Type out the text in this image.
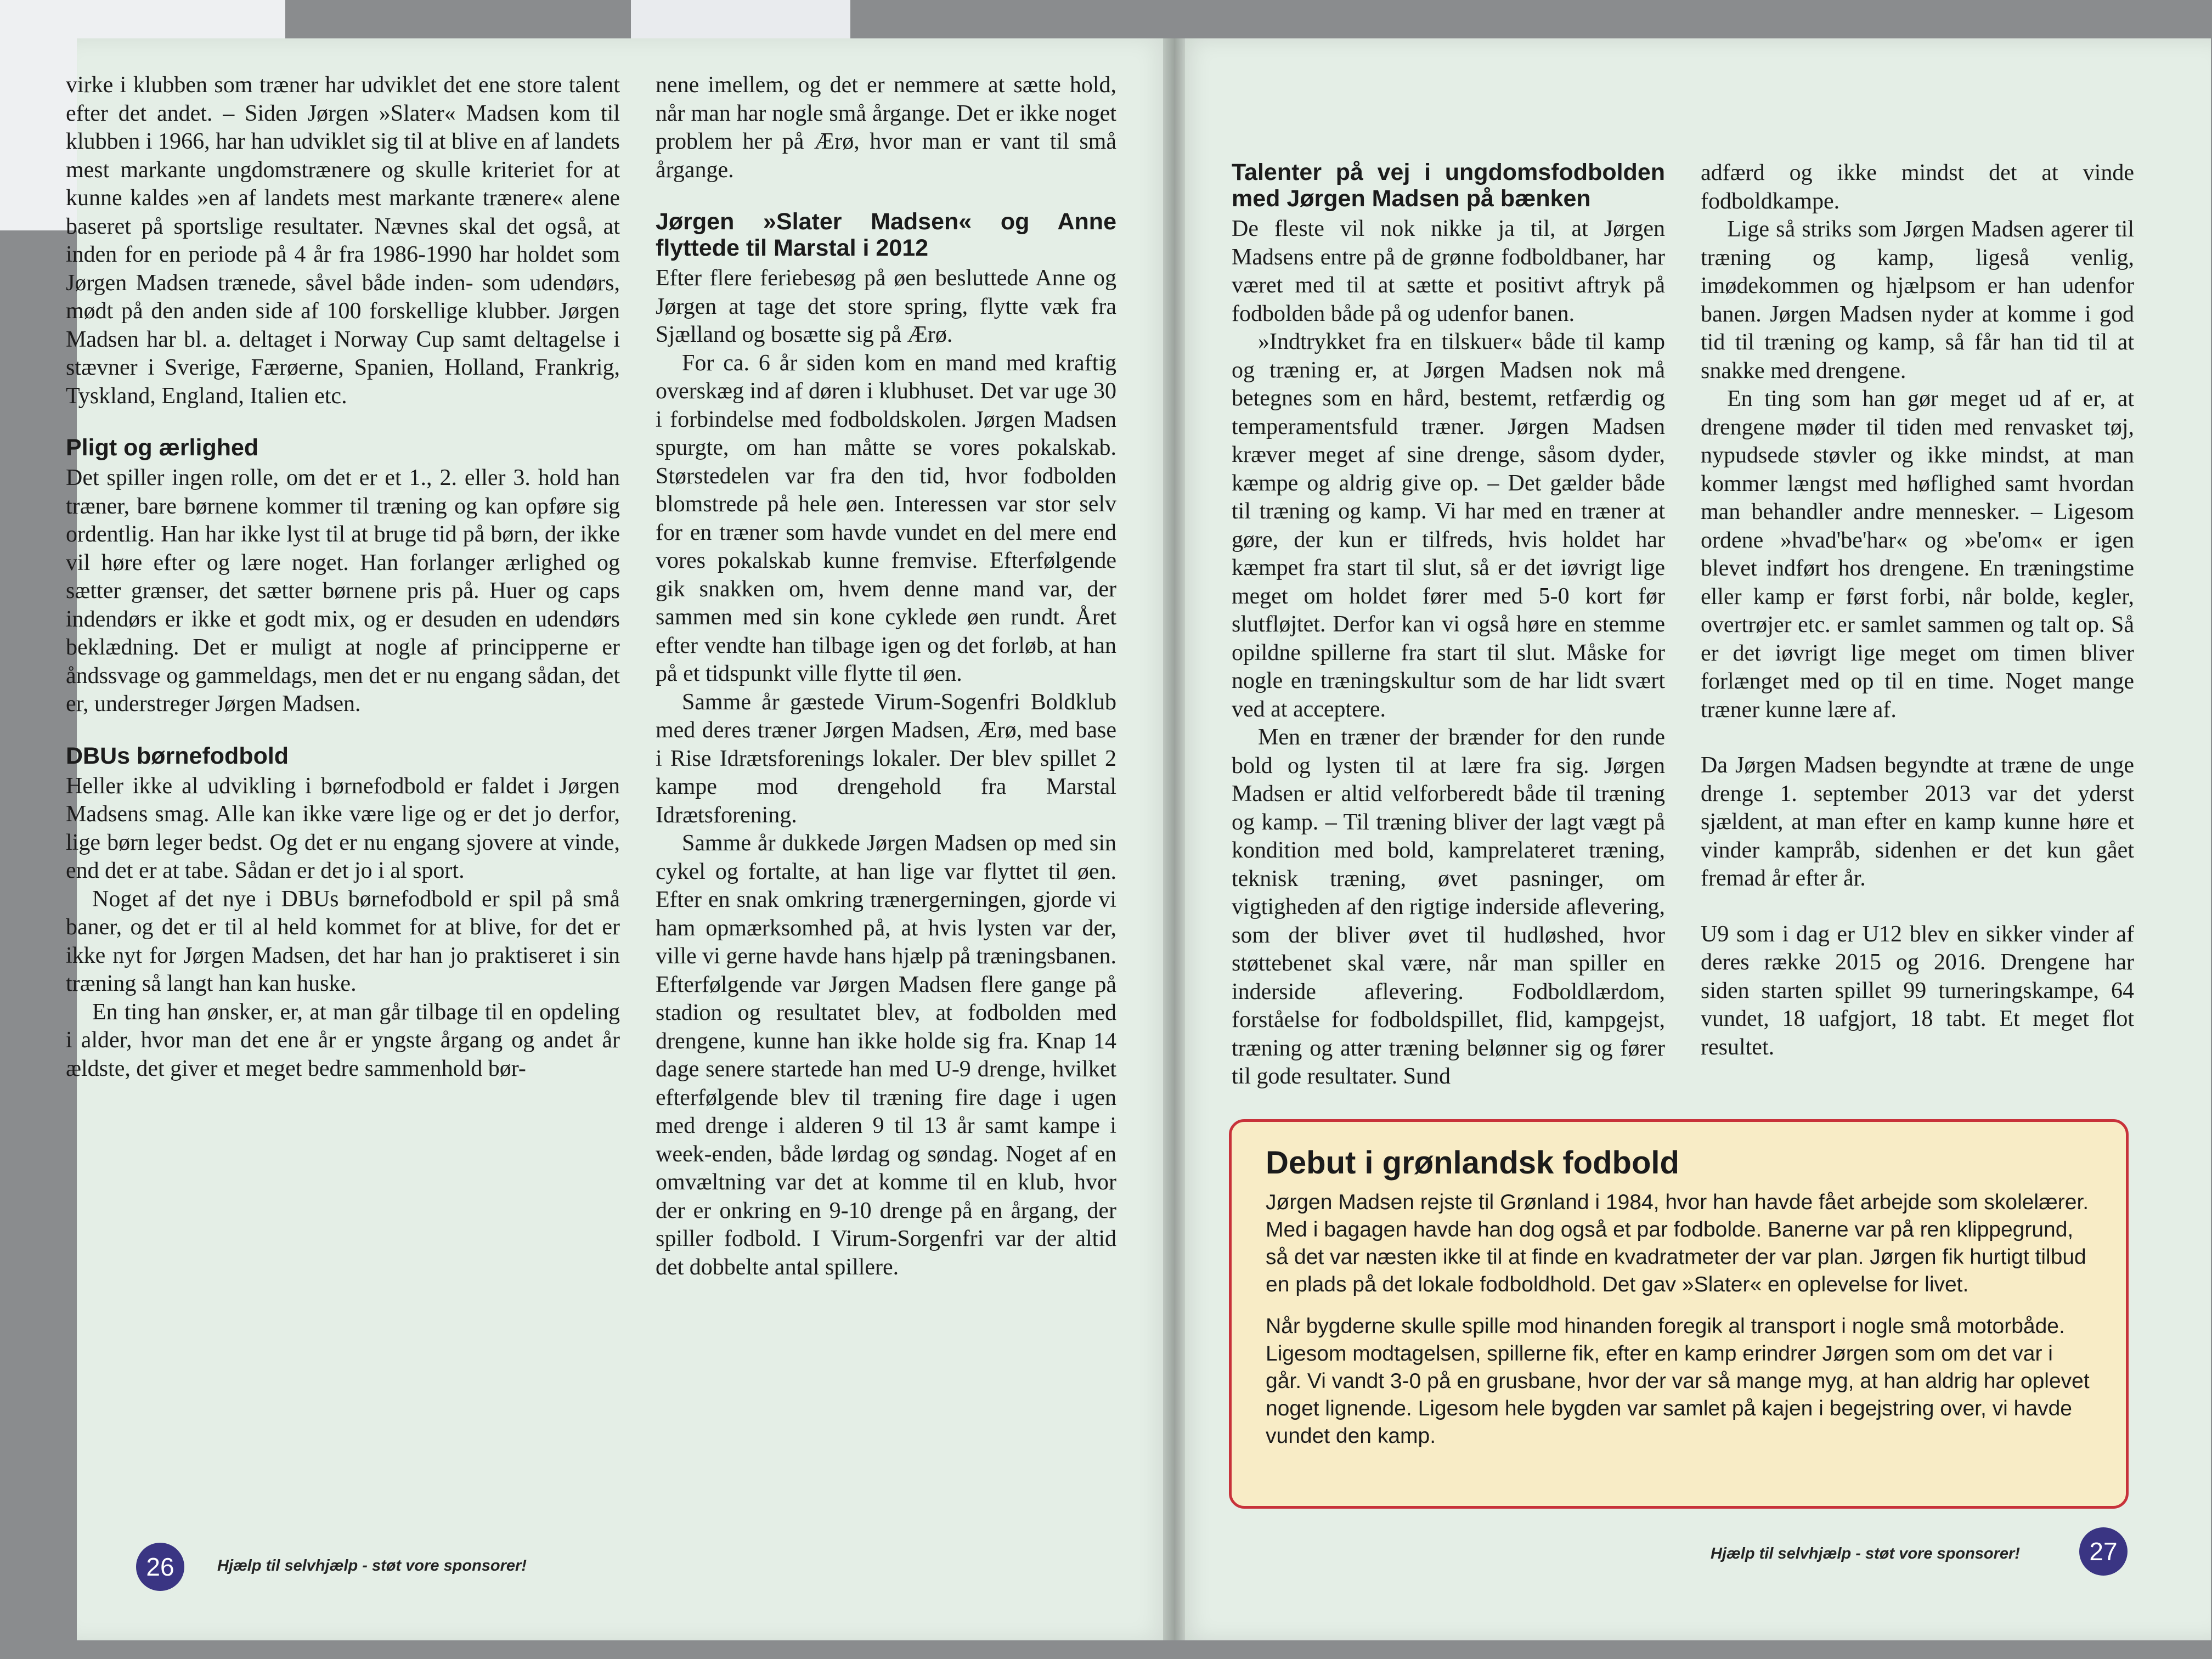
virke i klubben som træner har udviklet det ene store talent efter det andet. – Siden Jørgen »Slater« Madsen kom til klubben i 1966, har han udviklet sig til at blive en af landets mest markante ungdomstrænere og skulle kriteriet for at kunne kaldes »en af landets mest markante trænere« alene baseret på sportslige resultater. Nævnes skal det også, at inden for en periode på 4 år fra 1986-1990 har holdet som Jørgen Madsen trænede, såvel både inden- som udendørs, mødt på den anden side af 100 forskellige klubber. Jørgen Madsen har bl. a. deltaget i Norway Cup samt deltagelse i stævner i Sverige, Færøerne, Spanien, Holland, Frankrig, Tyskland, England, Italien etc.

Pligt og ærlighed

Det spiller ingen rolle, om det er et 1., 2. eller 3. hold han træner, bare børnene kommer til træning og kan opføre sig ordentlig. Han har ikke lyst til at bruge tid på børn, der ikke vil høre efter og lære noget. Han forlanger ærlighed og sætter grænser, det sætter børnene pris på. Huer og caps indendørs er ikke et godt mix, og er desuden en udendørs beklædning. Det er muligt at nogle af principperne er åndssvage og gammeldags, men det er nu engang sådan, det er, understreger Jørgen Madsen.

DBUs børnefodbold

Heller ikke al udvikling i børnefodbold er faldet i Jørgen Madsens smag. Alle kan ikke være lige og er det jo derfor, lige børn leger bedst. Og det er nu engang sjovere at vinde, end det er at tabe. Sådan er det jo i al sport.

Noget af det nye i DBUs børnefodbold er spil på små baner, og det er til al held kommet for at blive, for det er ikke nyt for Jørgen Madsen, det har han jo praktiseret i sin træning så langt han kan huske.

En ting han ønsker, er, at man går tilbage til en opdeling i alder, hvor man det ene år er yngste årgang og andet år ældste, det giver et meget bedre sammenhold bør-

nene imellem, og det er nemmere at sætte hold, når man har nogle små årgange. Det er ikke noget problem her på Ærø, hvor man er vant til små årgange.

Jørgen »Slater Madsen« og Anne flyttede til Marstal i 2012

Efter flere feriebesøg på øen besluttede Anne og Jørgen at tage det store spring, flytte væk fra Sjælland og bosætte sig på Ærø.

For ca. 6 år siden kom en mand med kraftig overskæg ind af døren i klubhuset. Det var uge 30 i forbindelse med fodboldskolen. Jørgen Madsen spurgte, om han måtte se vores pokalskab. Størstedelen var fra den tid, hvor fodbolden blomstrede på hele øen. Interessen var stor selv for en træner som havde vundet en del mere end vores pokalskab kunne fremvise. Efterfølgende gik snakken om, hvem denne mand var, der sammen med sin kone cyklede øen rundt. Året efter vendte han tilbage igen og det forløb, at han på et tidspunkt ville flytte til øen.

Samme år gæstede Virum-Sogenfri Boldklub med deres træner Jørgen Madsen, Ærø, med base i Rise Idrætsforenings lokaler. Der blev spillet 2 kampe mod drengehold fra Marstal Idrætsforening.

Samme år dukkede Jørgen Madsen op med sin cykel og fortalte, at han lige var flyttet til øen. Efter en snak omkring trænergerningen, gjorde vi ham opmærksomhed på, at hvis lysten var der, ville vi gerne havde hans hjælp på træningsbanen. Efterfølgende var Jørgen Madsen flere gange på stadion og resultatet blev, at fodbolden med drengene, kunne han ikke holde sig fra. Knap 14 dage senere startede han med U-9 drenge, hvilket efterfølgende blev til træning fire dage i ugen med drenge i alderen 9 til 13 år samt kampe i week-enden, både lørdag og søndag. Noget af en omvæltning var det at komme til en klub, hvor der er onkring en 9-10 drenge på en årgang, der spiller fodbold. I Virum-Sorgenfri var der altid det dobbelte antal spillere.

Talenter på vej i ungdomsfodbolden med Jørgen Madsen på bænken

De fleste vil nok nikke ja til, at Jørgen Madsens entre på de grønne fodboldbaner, har været med til at sætte et positivt aftryk på fodbolden både på og udenfor banen.

»Indtrykket fra en tilskuer« både til kamp og træning er, at Jørgen Madsen nok må betegnes som en hård, bestemt, retfærdig og temperamentsfuld træner. Jørgen Madsen kræver meget af sine drenge, såsom dyder, kæmpe og aldrig give op. – Det gælder både til træning og kamp. Vi har med en træner at gøre, der kun er tilfreds, hvis holdet har kæmpet fra start til slut, så er det iøvrigt lige meget om holdet fører med 5-0 kort før slutfløjtet. Derfor kan vi også høre en stemme opildne spillerne fra start til slut. Måske for nogle en træningskultur som de har lidt svært ved at acceptere.

Men en træner der brænder for den runde bold og lysten til at lære fra sig. Jørgen Madsen er altid velforberedt både til træning og kamp. – Til træning bliver der lagt vægt på kondition med bold, kamprelateret træning, teknisk træning, øvet pasninger, om vigtigheden af den rigtige inderside aflevering, som der bliver øvet til hudløshed, hvor støttebenet skal være, når man spiller en inderside aflevering. Fodboldlærdom, forståelse for fodboldspillet, flid, kampgejst, træning og atter træning belønner sig og fører til gode resultater. Sund

adfærd og ikke mindst det at vinde fodboldkampe.

Lige så striks som Jørgen Madsen agerer til træning og kamp, ligeså venlig, imødekommen og hjælpsom er han udenfor banen. Jørgen Madsen nyder at komme i god tid til træning og kamp, så får han tid til at snakke med drengene.

En ting som han gør meget ud af er, at drengene møder til tiden med renvasket tøj, nypudsede støvler og ikke mindst, at man kommer længst med høflighed samt hvordan man behandler andre mennesker. – Ligesom ordene »hvad'be'har« og »be'om« er igen blevet indført hos drengene. En træningstime eller kamp er først forbi, når bolde, kegler, overtrøjer etc. er samlet sammen og talt op. Så er det iøvrigt lige meget om timen bliver forlænget med op til en time. Noget mange træner kunne lære af.

Da Jørgen Madsen begyndte at træne de unge drenge 1. september 2013 var det yderst sjældent, at man efter en kamp kunne høre et vinder kampråb, sidenhen er det kun gået fremad år efter år.

U9 som i dag er U12 blev en sikker vinder af deres række 2015 og 2016. Drengene har siden starten spillet 99 turneringskampe, 64 vundet, 18 uafgjort, 18 tabt. Et meget flot resultet.

Debut i grønlandsk fodbold

Jørgen Madsen rejste til Grønland i 1984, hvor han havde fået arbejde som skolelærer. Med i bagagen havde han dog også et par fodbolde. Banerne var på ren klippegrund, så det var næsten ikke til at finde en kvadratmeter der var plan. Jørgen fik hurtigt tilbud en plads på det lokale fodboldhold. Det gav »Slater« en oplevelse for livet.

Når bygderne skulle spille mod hinanden foregik al transport i nogle små motorbåde. Ligesom modtagelsen, spillerne fik, efter en kamp erindrer Jørgen som om det var i går. Vi vandt 3-0 på en grusbane, hvor der var så mange myg, at han aldrig har oplevet noget lignende. Ligesom hele bygden var samlet på kajen i begejstring over, vi havde vundet den kamp.

26	Hjælp til selvhjælp - støt vore sponsorer!
Hjælp til selvhjælp - støt vore sponsorer!	27
